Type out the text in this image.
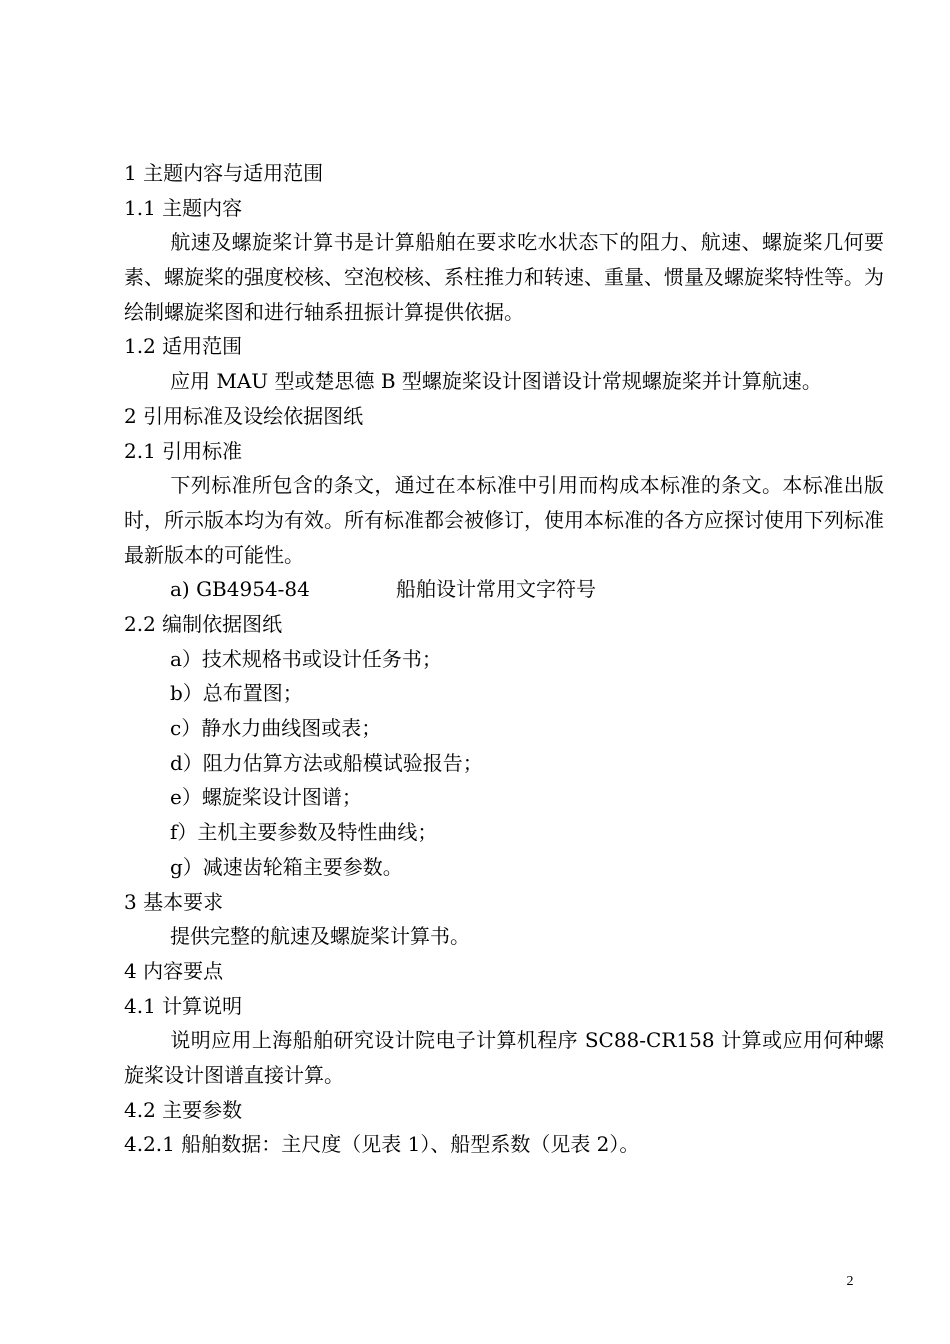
1 主题内容与适用范围
1.1 主题内容
航速及螺旋桨计算书是计算船舶在要求吃水状态下的阻力、航速、螺旋桨几何要素、螺旋桨的强度校核、空泡校核、系柱推力和转速、重量、惯量及螺旋桨特性等。为绘制螺旋桨图和进行轴系扭振计算提供依据。
1.2 适用范围
应用 MAU 型或楚思德 B 型螺旋桨设计图谱设计常规螺旋桨并计算航速。
2 引用标准及设绘依据图纸
2.1 引用标准
下列标准所包含的条文，通过在本标准中引用而构成本标准的条文。本标准出版时，所示版本均为有效。所有标准都会被修订，使用本标准的各方应探讨使用下列标准最新版本的可能性。
a) GB4954-84	船舶设计常用文字符号
2.2 编制依据图纸
a）技术规格书或设计任务书；
b）总布置图；
c）静水力曲线图或表；
d）阻力估算方法或船模试验报告；
e）螺旋桨设计图谱；
f）主机主要参数及特性曲线；
g）减速齿轮箱主要参数。
3 基本要求
提供完整的航速及螺旋桨计算书。
4 内容要点
4.1 计算说明
说明应用上海船舶研究设计院电子计算机程序 SC88-CR158 计算或应用何种螺旋桨设计图谱直接计算。
4.2 主要参数
4.2.1 船舶数据：主尺度（见表 1）、船型系数（见表 2）。
2
